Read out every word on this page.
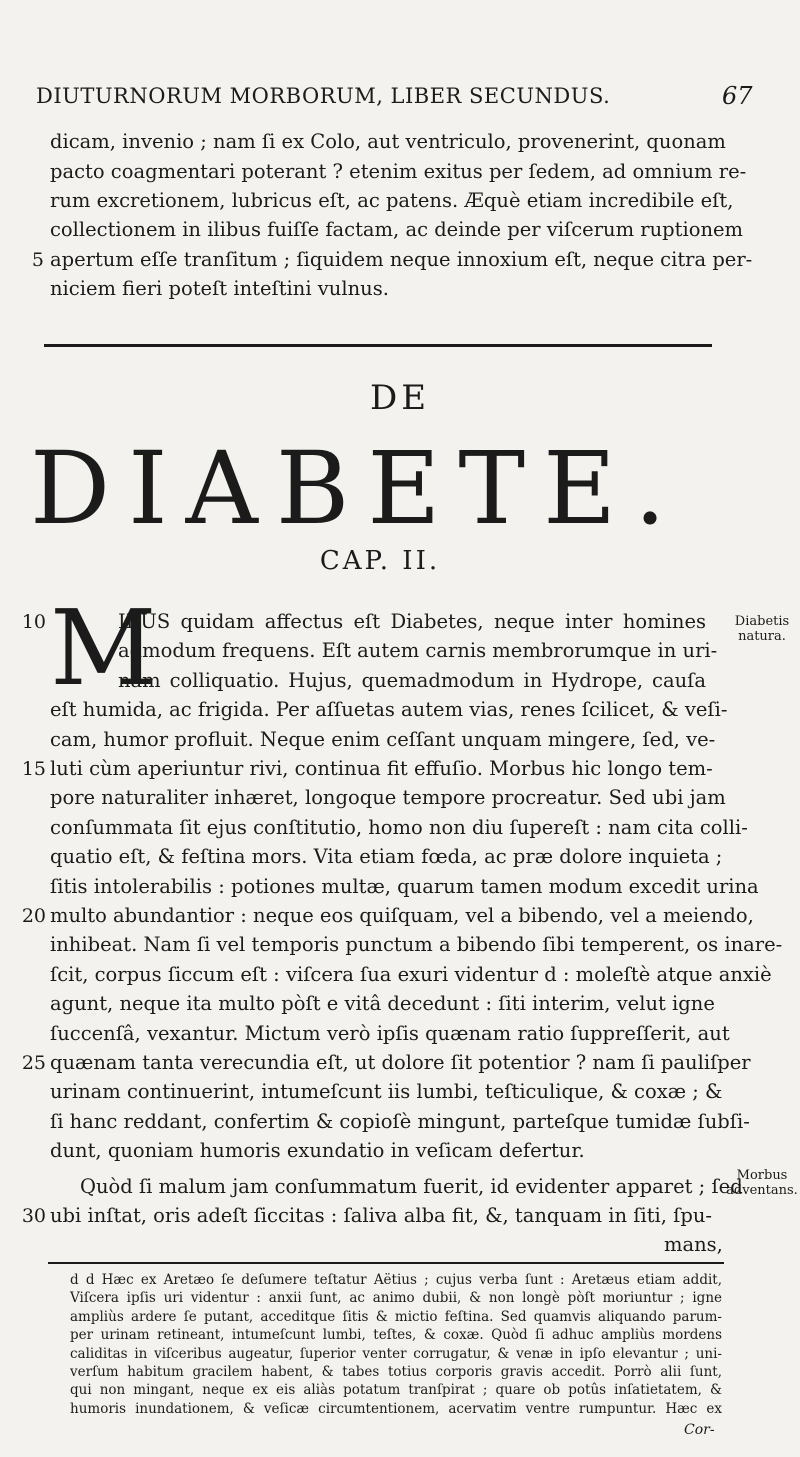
DIUTURNORUM MORBORUM, LIBER SECUNDUS.	67
dicam, invenio ; nam ſi ex Colo, aut ventriculo, provenerint, quonam
pacto coagmentari poterant ? etenim exitus per ſedem, ad omnium re-
rum excretionem, lubricus eſt, ac patens. Æquè etiam incredibile eſt,
collectionem in ilibus fuiſſe factam, ac deinde per viſcerum ruptionem
apertum eſſe tranſitum ; ſiquidem neque innoxium eſt, neque citra per-
niciem fieri poteſt inteſtini vulnus.
5
DE
DIABETE.
CAP. II.
M
IRUS quidam affectus eſt Diabetes, neque inter homines
admodum frequens. Eſt autem carnis membrorumque in uri-
nam colliquatio. Hujus, quemadmodum in Hydrope, cauſa
eſt humida, ac frigida. Per aſſuetas autem vias, renes ſcilicet, & veſi-
cam, humor profluit. Neque enim ceſſant unquam mingere, ſed, ve-
luti cùm aperiuntur rivi, continua fit effuſio. Morbus hic longo tem-
pore naturaliter inhæret, longoque tempore procreatur. Sed ubi jam
conſummata ſit ejus conſtitutio, homo non diu ſupereſt : nam cita colli-
quatio eſt, & feſtina mors. Vita etiam fœda, ac præ dolore inquieta ;
ſitis intolerabilis : potiones multæ, quarum tamen modum excedit urina
multo abundantior : neque eos quiſquam, vel a bibendo, vel a meiendo,
inhibeat. Nam ſi vel temporis punctum a bibendo ſibi temperent, os inare-
ſcit, corpus ſiccum eſt : viſcera ſua exuri videntur d : moleſtè atque anxiè
agunt, neque ita multo pòſt e vitâ decedunt : ſiti interim, velut igne
ſuccenſâ, vexantur. Mictum verò ipſis quænam ratio ſuppreſſerit, aut
quænam tanta verecundia eſt, ut dolore ſit potentior ? nam ſi pauliſper
urinam continuerint, intumeſcunt iis lumbi, teſticulique, & coxæ ; &
ſi hanc reddant, confertim & copioſè mingunt, parteſque tumidæ ſubſi-
dunt, quoniam humoris exundatio in veſicam defertur.
Quòd ſi malum jam conſummatum fuerit, id evidenter apparet ; ſed
ubi inſtat, oris adeſt ſiccitas : ſaliva alba fit, &, tanquam in ſiti, ſpu-
mans,
10
15
20
25
30
Diabetis natura.
Morbus adventans.
d d Hæc ex Aretæo ſe deſumere teſtatur Aëtius ; cujus verba ſunt : Aretæus etiam addit,
Viſcera ipſis uri videntur : anxii ſunt, ac animo dubii, & non longè pòſt moriuntur ; igne
ampliùs ardere ſe putant, acceditque ſitis & mictio feſtina. Sed quamvis aliquando parum-
per urinam retineant, intumeſcunt lumbi, teſtes, & coxæ. Quòd ſi adhuc ampliùs mordens
caliditas in viſceribus augeatur, ſuperior venter corrugatur, & venæ in ipſo elevantur ; uni-
verſum habitum gracilem habent, & tabes totius corporis gravis accedit. Porrò alii ſunt,
qui non mingant, neque ex eis aliàs potatum tranſpirat ; quare ob potûs inſatietatem, &
humoris inundationem, & veſicæ circumtentionem, acervatim ventre rumpuntur. Hæc ex
Cor-
